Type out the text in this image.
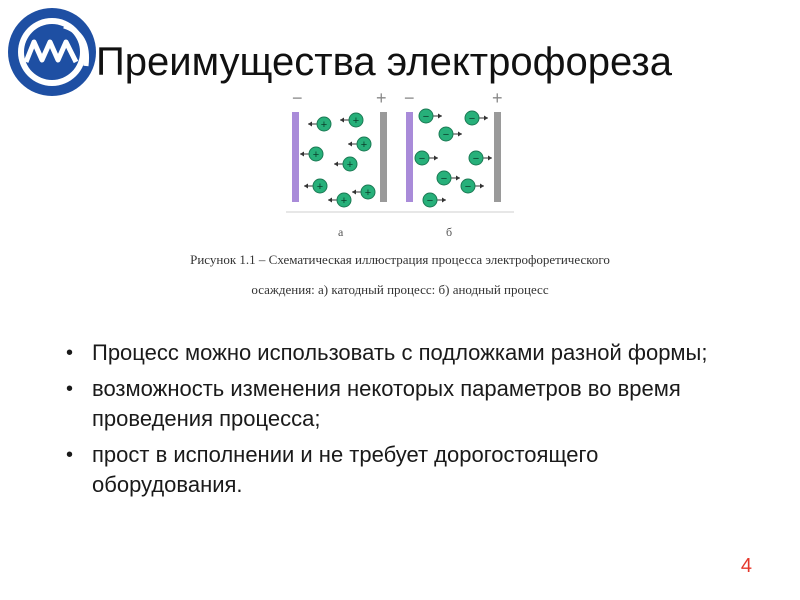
Преимущества электрофореза
−	+
+ +
+
+
+
+	+
+
−	+
−	−
−
−	−
−
−
−
а	б
Рисунок 1.1 – Схематическая иллюстрация процесса электрофоретического
осаждения: а) катодный процесс: б) анодный процесс
• Процесс можно использовать с подложками разной формы;
• возможность изменения некоторых параметров во время проведения процесса;
• прост в исполнении и не требует дорогостоящего оборудования.
4
